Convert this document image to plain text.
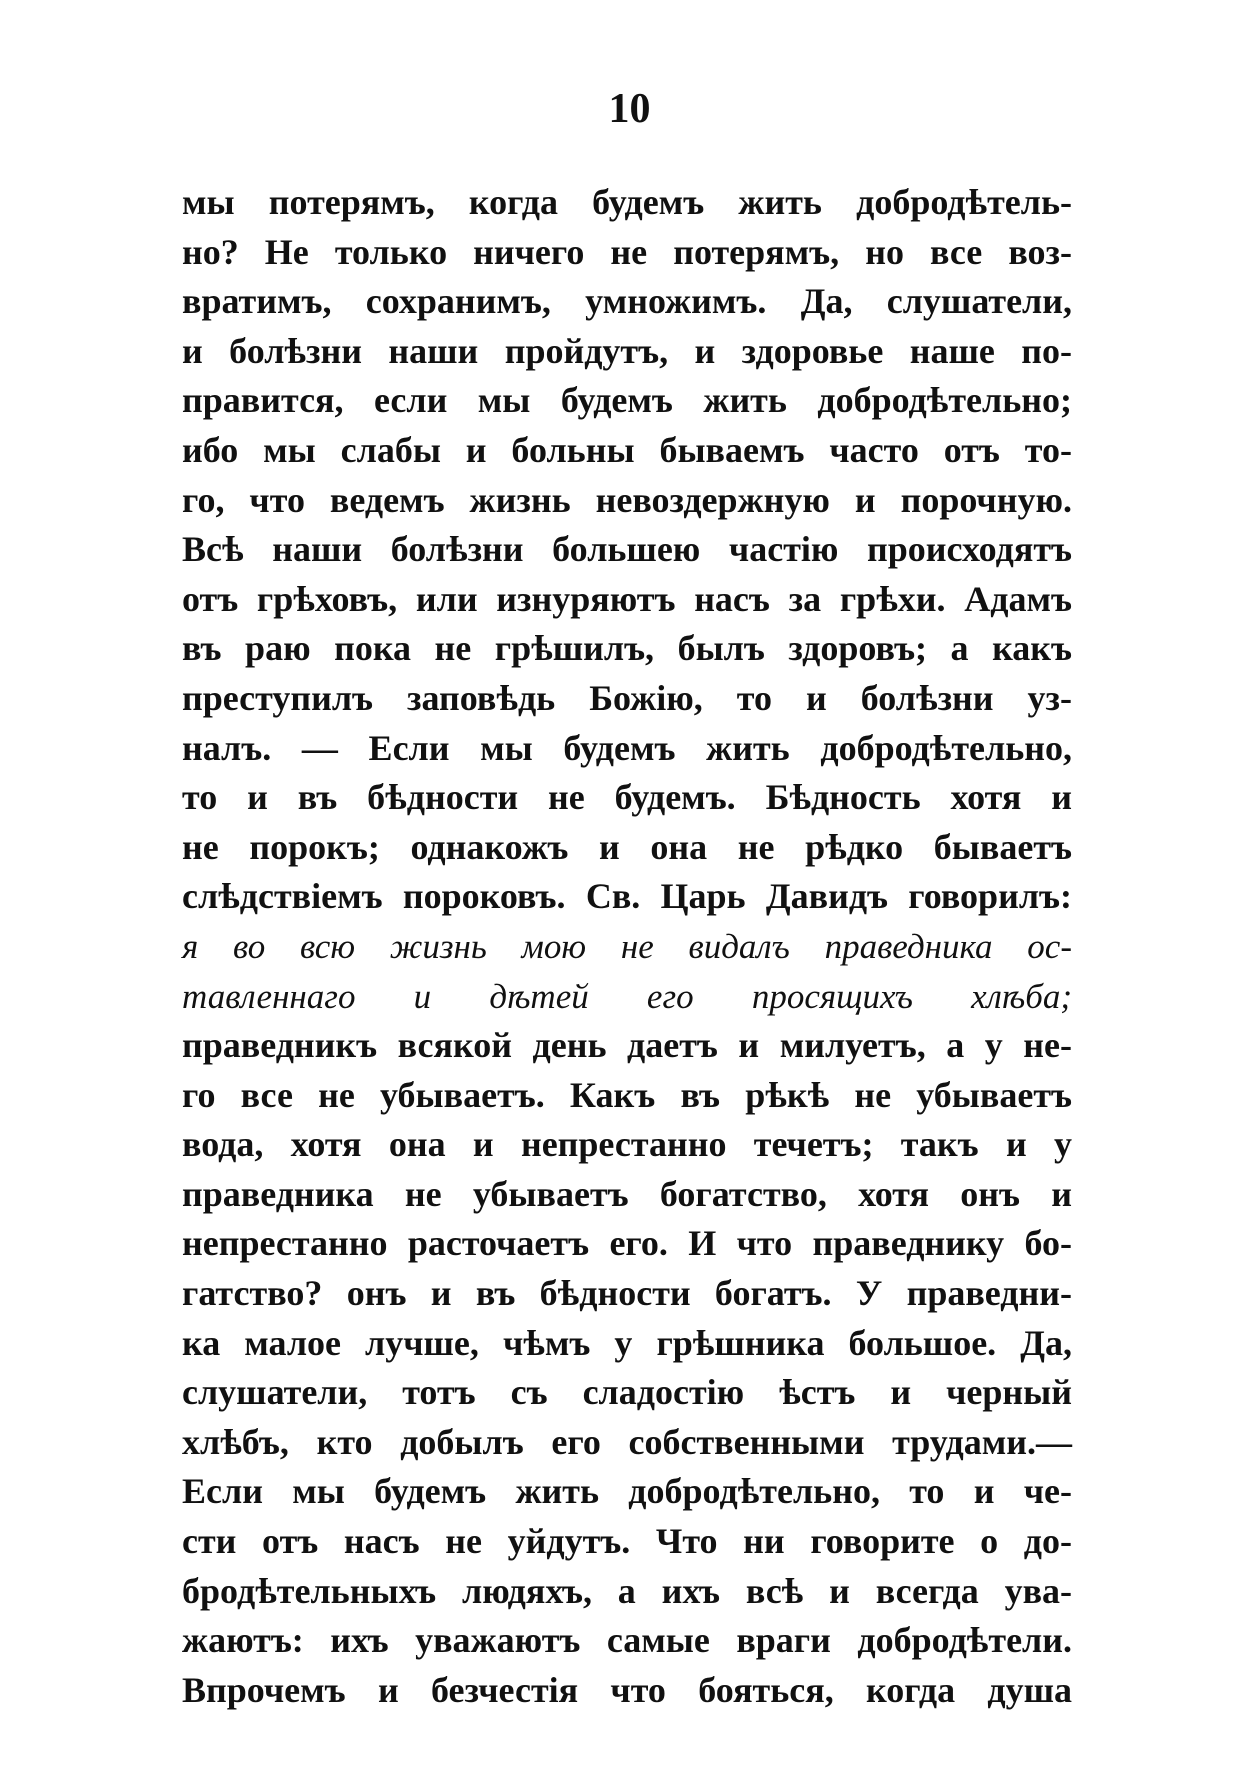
10
мы потерямъ, когда будемъ жить добродѣтель-
но? Не только ничего не потерямъ, но все воз-
вратимъ, сохранимъ, умножимъ. Да, слушатели,
и болѣзни наши пройдутъ, и здоровье наше по-
правится, если мы будемъ жить добродѣтельно;
ибо мы слабы и больны бываемъ часто отъ то-
го, что ведемъ жизнь невоздержную и порочную.
Всѣ наши болѣзни большею частію происходятъ
отъ грѣховъ, или изнуряютъ насъ за грѣхи. Адамъ
въ раю пока не грѣшилъ, былъ здоровъ; а какъ
преступилъ заповѣдь Божію, то и болѣзни уз-
налъ. — Если мы будемъ жить добродѣтельно,
то и въ бѣдности не будемъ. Бѣдность хотя и
не порокъ; однакожъ и она не рѣдко бываетъ
слѣдствіемъ пороковъ. Св. Царь Давидъ говорилъ:
я во всю жизнь мою не видалъ праведника ос-
тавленнаго и дѣтей его просящихъ хлѣба;
праведникъ всякой день даетъ и милуетъ, а у не-
го все не убываетъ. Какъ въ рѣкѣ не убываетъ
вода, хотя она и непрестанно течетъ; такъ и у
праведника не убываетъ богатство, хотя онъ и
непрестанно расточаетъ его. И что праведнику бо-
гатство? онъ и въ бѣдности богатъ. У праведни-
ка малое лучше, чѣмъ у грѣшника большое. Да,
слушатели, тотъ съ сладостію ѣстъ и черный
хлѣбъ, кто добылъ его собственными трудами.—
Если мы будемъ жить добродѣтельно, то и че-
сти отъ насъ не уйдутъ. Что ни говорите о до-
бродѣтельныхъ людяхъ, а ихъ всѣ и всегда ува-
жаютъ: ихъ уважаютъ самые враги добродѣтели.
Впрочемъ и безчестія что бояться, когда душа
